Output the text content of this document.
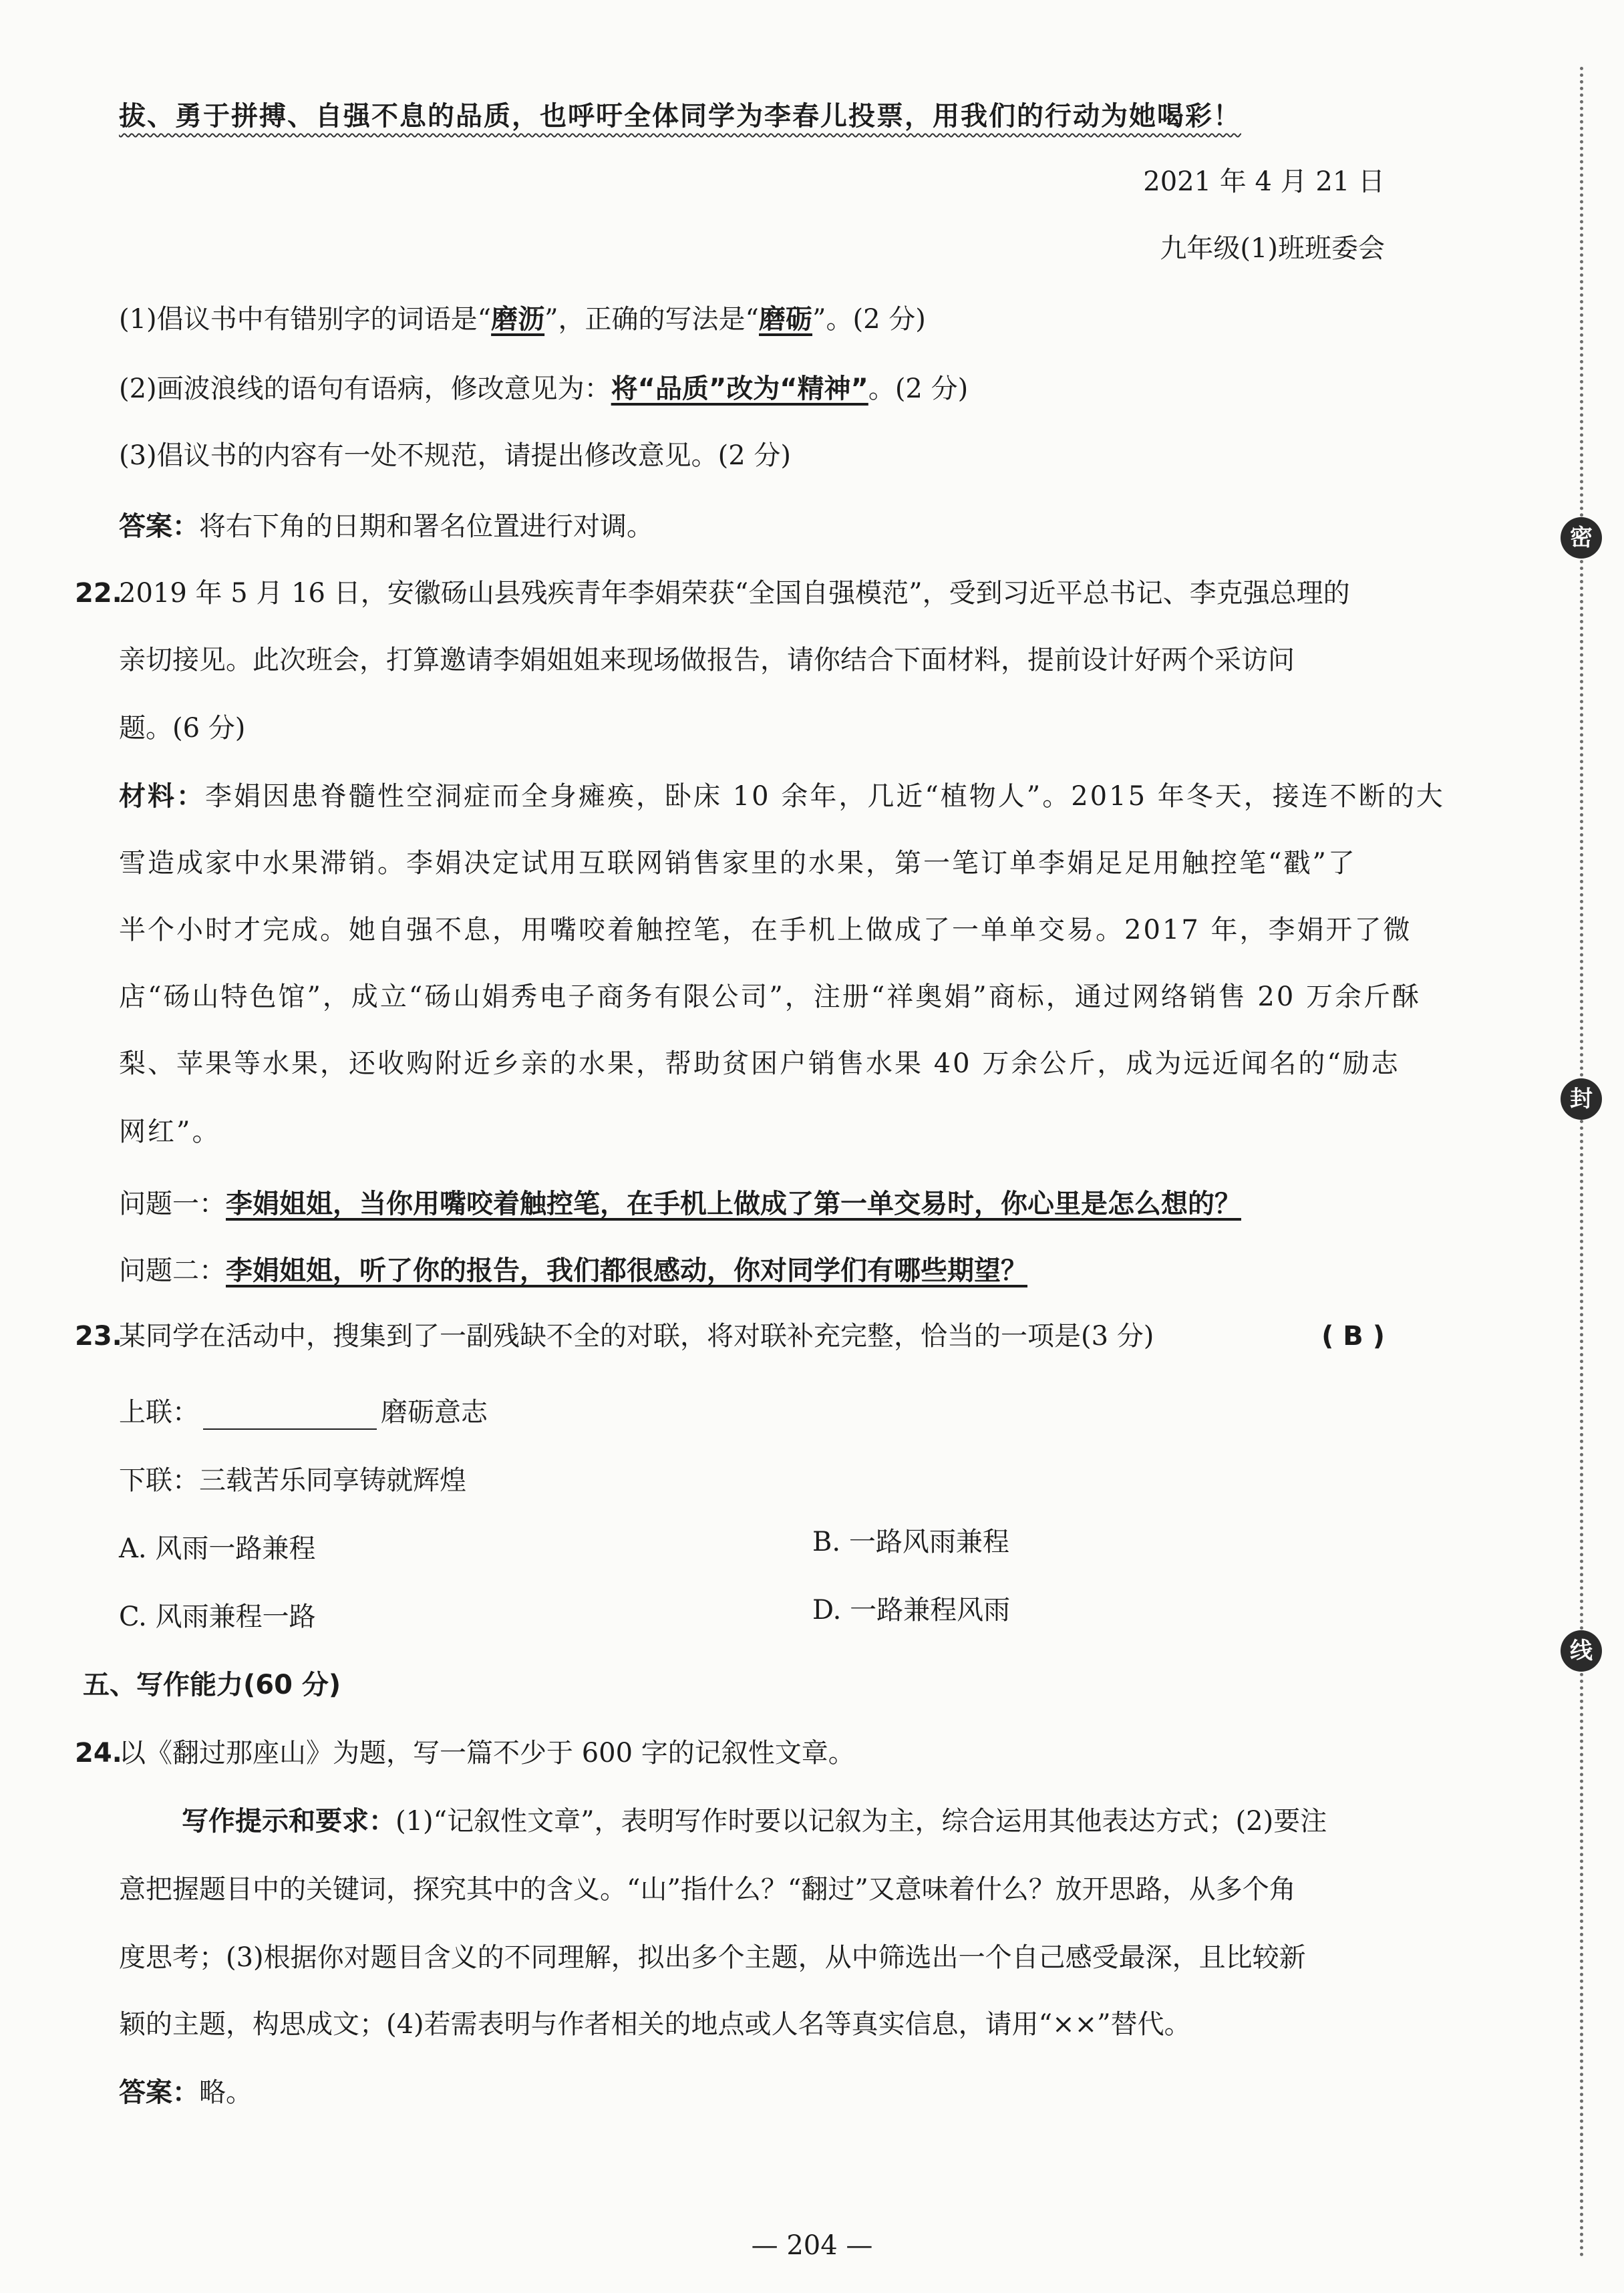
拔、勇于拼搏、自强不息的品质，也呼吁全体同学为李春儿投票，用我们的行动为她喝彩！
2021 年 4 月 21 日
九年级(1)班班委会
(1)倡议书中有错别字的词语是“磨沥”，正确的写法是“磨砺”。(2 分)
(2)画波浪线的语句有语病，修改意见为：将“品质”改为“精神”。(2 分)
(3)倡议书的内容有一处不规范，请提出修改意见。(2 分)
答案：将右下角的日期和署名位置进行对调。
22.
2019 年 5 月 16 日，安徽砀山县残疾青年李娟荣获“全国自强模范”，受到习近平总书记、李克强总理的
亲切接见。此次班会，打算邀请李娟姐姐来现场做报告，请你结合下面材料，提前设计好两个采访问
题。(6 分)
材料：李娟因患脊髓性空洞症而全身瘫痪，卧床 10 余年，几近“植物人”。2015 年冬天，接连不断的大
雪造成家中水果滞销。李娟决定试用互联网销售家里的水果，第一笔订单李娟足足用触控笔“戳”了
半个小时才完成。她自强不息，用嘴咬着触控笔，在手机上做成了一单单交易。2017 年，李娟开了微
店“砀山特色馆”，成立“砀山娟秀电子商务有限公司”，注册“祥奥娟”商标，通过网络销售 20 万余斤酥
梨、苹果等水果，还收购附近乡亲的水果，帮助贫困户销售水果 40 万余公斤，成为远近闻名的“励志
网红”。
问题一：李娟姐姐，当你用嘴咬着触控笔，在手机上做成了第一单交易时，你心里是怎么想的？
问题二：李娟姐姐，听了你的报告，我们都很感动，你对同学们有哪些期望？
23.
某同学在活动中，搜集到了一副残缺不全的对联，将对联补充完整，恰当的一项是(3 分)	( B )
上联：	磨砺意志
下联：三载苦乐同享铸就辉煌
A. 风雨一路兼程	B. 一路风雨兼程
C. 风雨兼程一路	D. 一路兼程风雨
五、写作能力(60 分)
24.
以《翻过那座山》为题，写一篇不少于 600 字的记叙性文章。
写作提示和要求：(1)“记叙性文章”，表明写作时要以记叙为主，综合运用其他表达方式；(2)要注
意把握题目中的关键词，探究其中的含义。“山”指什么？“翻过”又意味着什么？放开思路，从多个角
度思考；(3)根据你对题目含义的不同理解，拟出多个主题，从中筛选出一个自己感受最深，且比较新
颖的主题，构思成文；(4)若需表明与作者相关的地点或人名等真实信息，请用“××”替代。
答案：略。
— 204 —
密
封
线
